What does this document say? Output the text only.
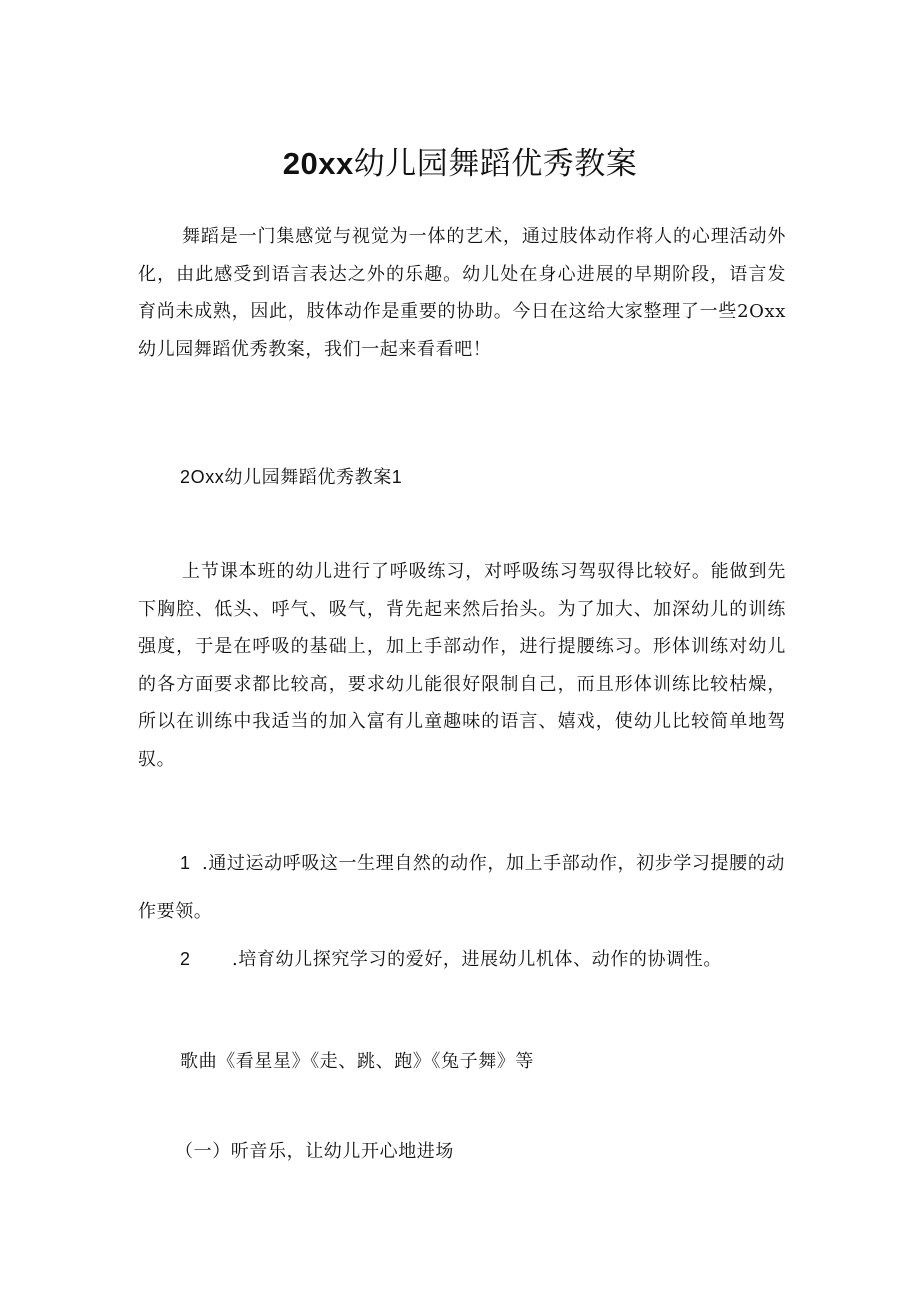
20xx幼儿园舞蹈优秀教案

舞蹈是一门集感觉与视觉为一体的艺术，通过肢体动作将人的心理活动外化，由此感受到语言表达之外的乐趣。幼儿处在身心进展的早期阶段，语言发育尚未成熟，因此，肢体动作是重要的协助。今日在这给大家整理了一些2Oxx幼儿园舞蹈优秀教案，我们一起来看看吧！

2Oxx幼儿园舞蹈优秀教案1

上节课本班的幼儿进行了呼吸练习，对呼吸练习驾驭得比较好。能做到先下胸腔、低头、呼气、吸气，背先起来然后抬头。为了加大、加深幼儿的训练强度，于是在呼吸的基础上，加上手部动作，进行提腰练习。形体训练对幼儿的各方面要求都比较高，要求幼儿能很好限制自己，而且形体训练比较枯燥，所以在训练中我适当的加入富有儿童趣味的语言、嬉戏，使幼儿比较简单地驾驭。

1 .通过运动呼吸这一生理自然的动作，加上手部动作，初步学习提腰的动

作要领。

2 .培育幼儿探究学习的爱好，进展幼儿机体、动作的协调性。

歌曲《看星星》《走、跳、跑》《兔子舞》等

（一）听音乐，让幼儿开心地进场
